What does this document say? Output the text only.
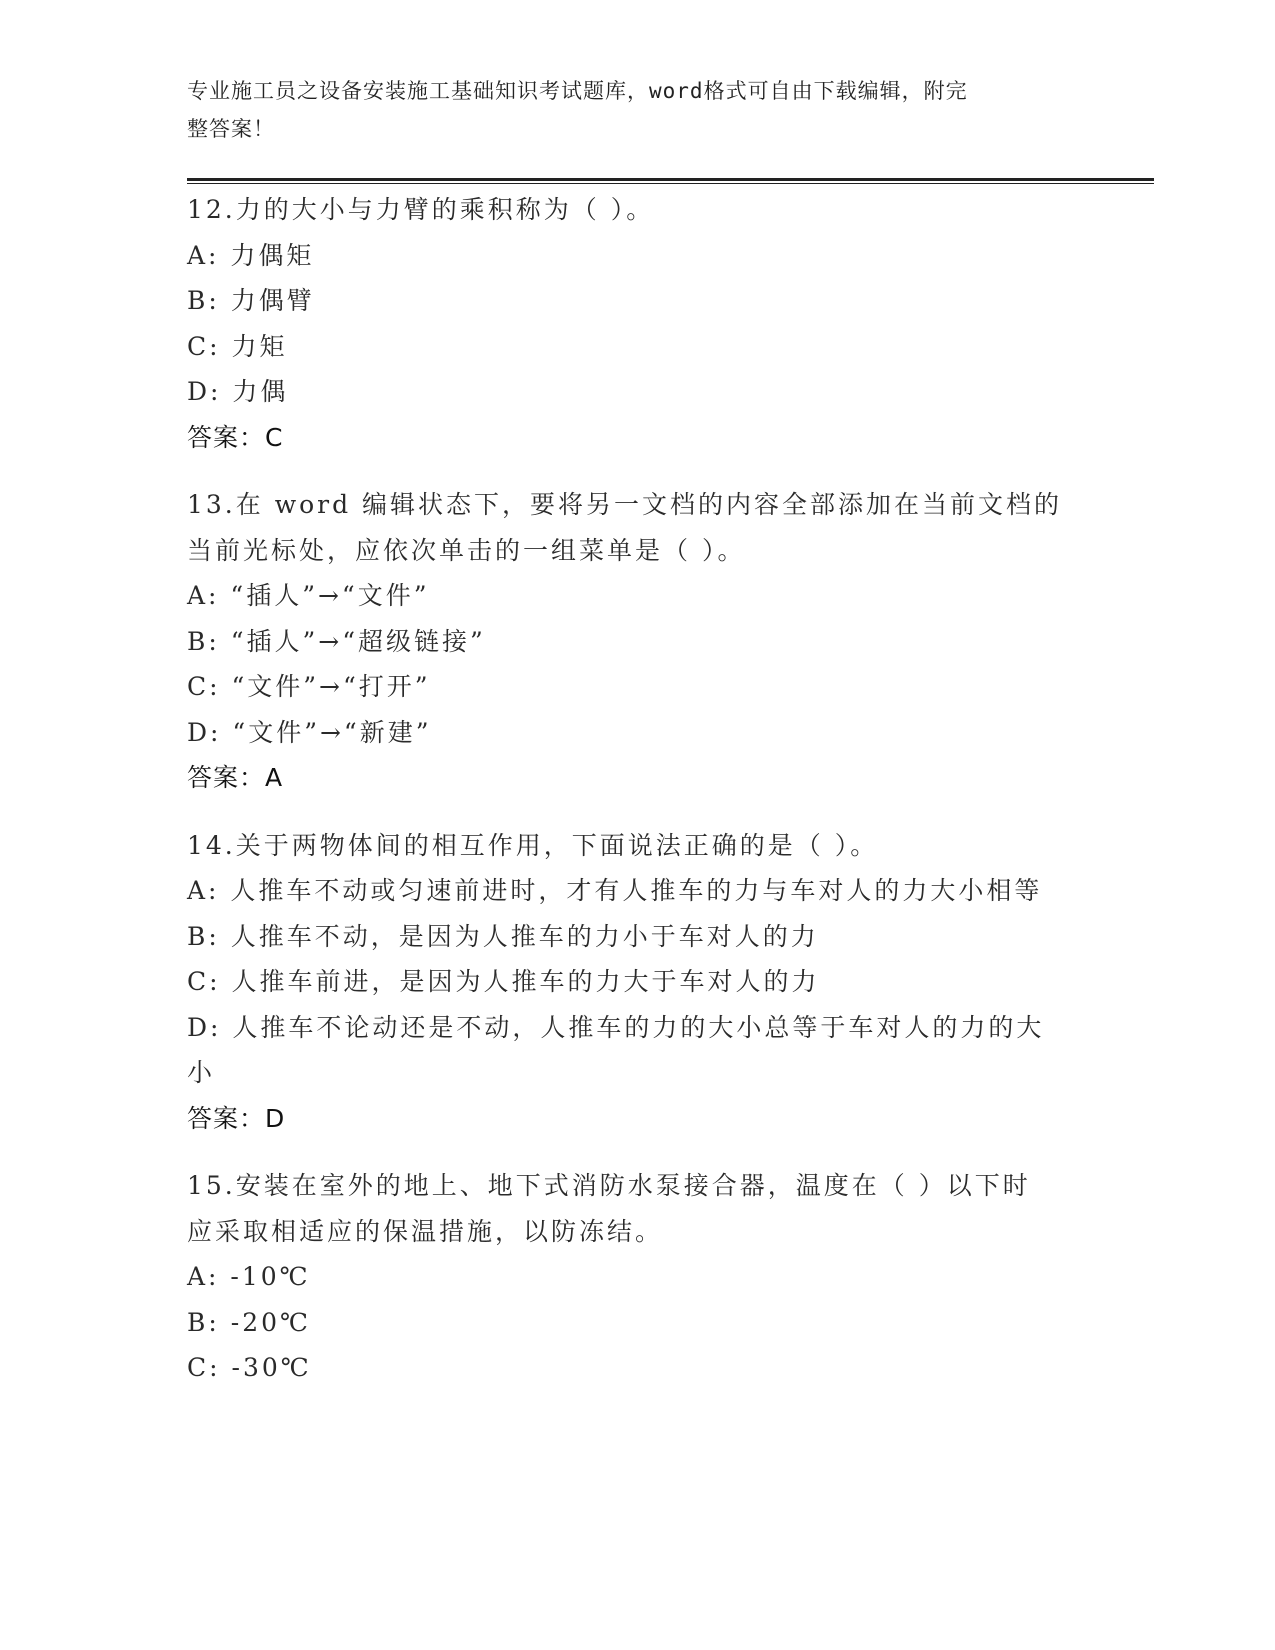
专业施工员之设备安装施工基础知识考试题库，word格式可自由下载编辑，附完
整答案！
12.力的大小与力臂的乘积称为（ ）。
A: 力偶矩
B: 力偶臂
C: 力矩
D: 力偶
答案：C
13.在 word 编辑状态下，要将另一文档的内容全部添加在当前文档的
当前光标处，应依次单击的一组菜单是（ ）。
A: “插人”→“文件”
B: “插人”→“超级链接”
C: “文件”→“打开”
D: “文件”→“新建”
答案：A
14.关于两物体间的相互作用，下面说法正确的是（ ）。
A: 人推车不动或匀速前进时，才有人推车的力与车对人的力大小相等
B: 人推车不动，是因为人推车的力小于车对人的力
C: 人推车前进，是因为人推车的力大于车对人的力
D: 人推车不论动还是不动，人推车的力的大小总等于车对人的力的大
小
答案：D
15.安装在室外的地上、地下式消防水泵接合器，温度在（ ）以下时
应采取相适应的保温措施，以防冻结。
A: -10℃
B: -20℃
C: -30℃
